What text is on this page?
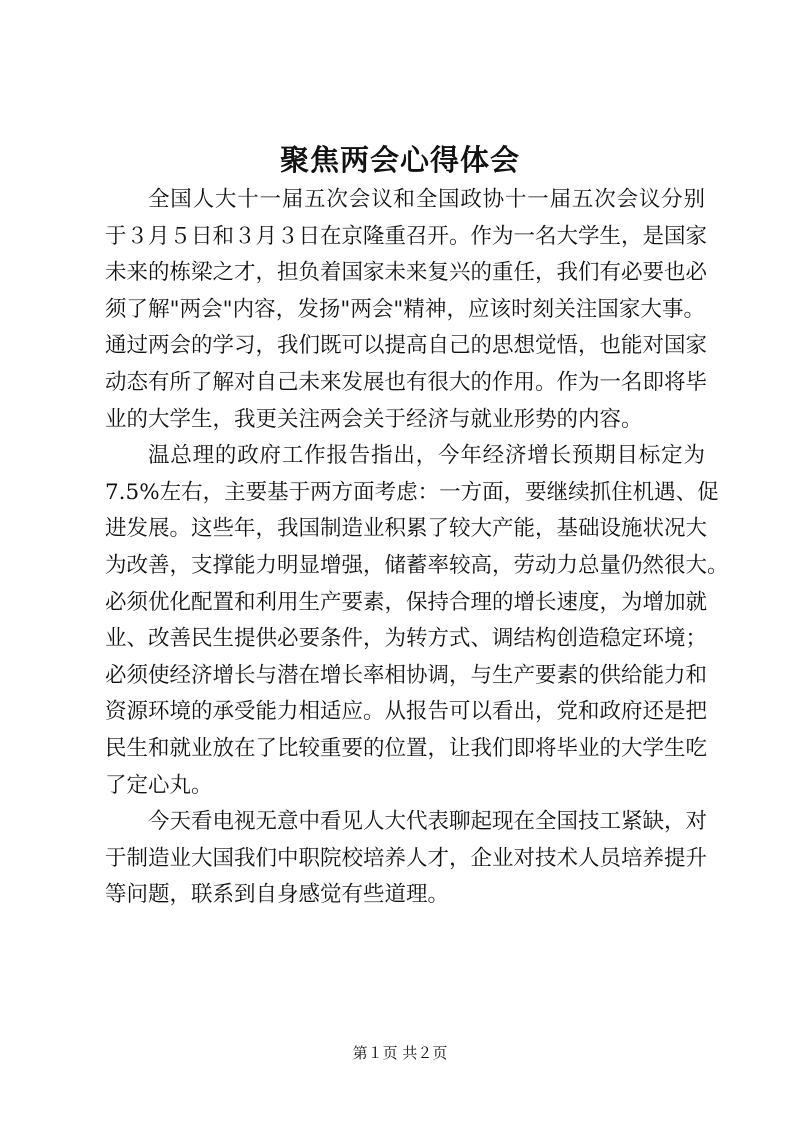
聚焦两会心得体会
全国人大十一届五次会议和全国政协十一届五次会议分别
于３月５日和３月３日在京隆重召开。作为一名大学生，是国家
未来的栋梁之才，担负着国家未来复兴的重任，我们有必要也必
须了解"两会"内容，发扬"两会"精神，应该时刻关注国家大事。
通过两会的学习，我们既可以提高自己的思想觉悟，也能对国家
动态有所了解对自己未来发展也有很大的作用。作为一名即将毕
业的大学生，我更关注两会关于经济与就业形势的内容。
温总理的政府工作报告指出，今年经济增长预期目标定为
7.5%左右，主要基于两方面考虑：一方面，要继续抓住机遇、促
进发展。这些年，我国制造业积累了较大产能，基础设施状况大
为改善，支撑能力明显增强，储蓄率较高，劳动力总量仍然很大。
必须优化配置和利用生产要素，保持合理的增长速度，为增加就
业、改善民生提供必要条件，为转方式、调结构创造稳定环境；
必须使经济增长与潜在增长率相协调，与生产要素的供给能力和
资源环境的承受能力相适应。从报告可以看出，党和政府还是把
民生和就业放在了比较重要的位置，让我们即将毕业的大学生吃
了定心丸。
今天看电视无意中看见人大代表聊起现在全国技工紧缺，对
于制造业大国我们中职院校培养人才，企业对技术人员培养提升
等问题，联系到自身感觉有些道理。
第１页 共２页
